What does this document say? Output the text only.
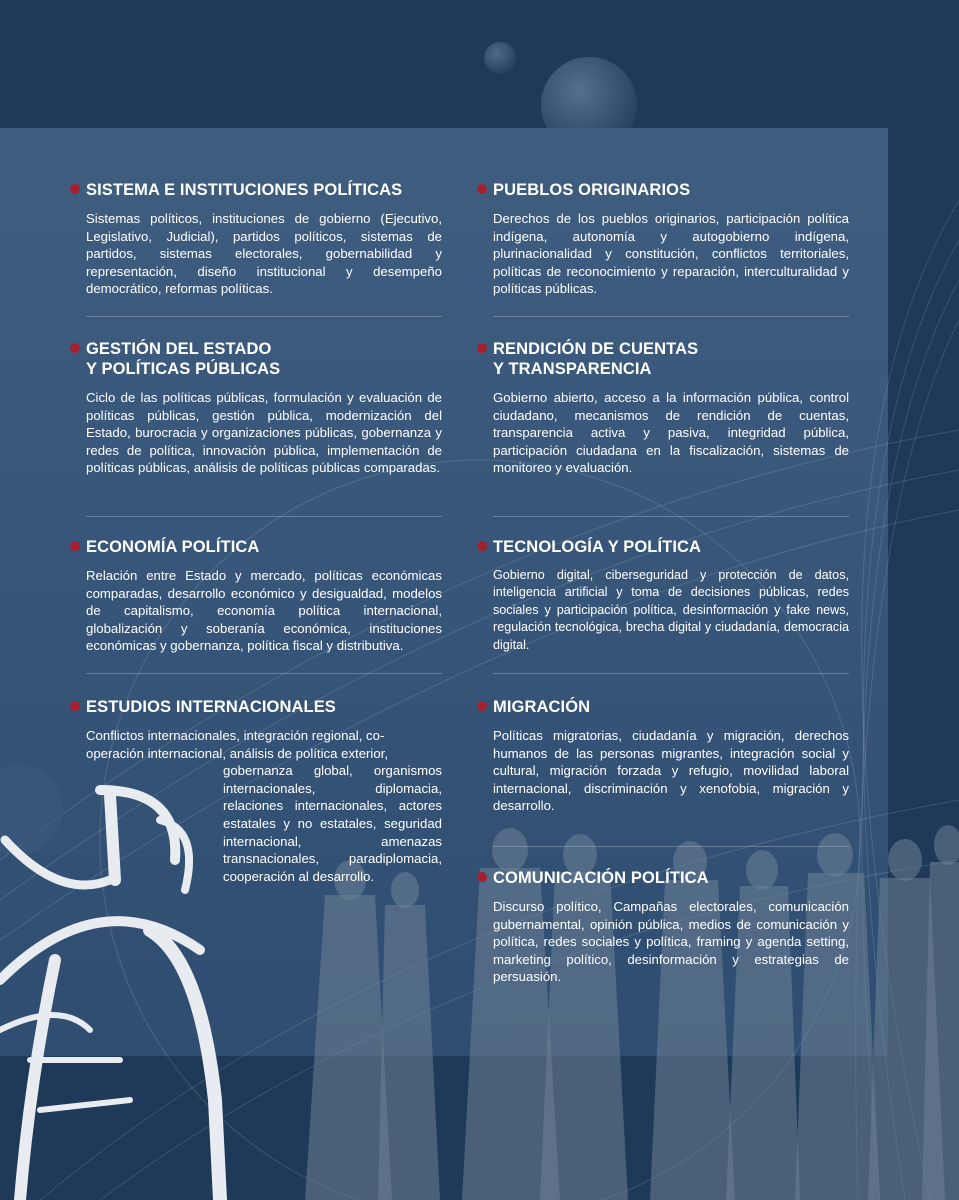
SISTEMA E INSTITUCIONES POLÍTICAS

Sistemas políticos, instituciones de gobierno (Ejecutivo, Legislativo, Judicial), partidos políticos, sistemas de partidos, sistemas electorales, gobernabilidad y representación, diseño institucional y desempeño democrático, reformas políticas.

GESTIÓN DEL ESTADO
Y POLÍTICAS PÚBLICAS

Ciclo de las políticas públicas, formulación y evaluación de políticas públicas, gestión pública, modernización del Estado, burocracia y organizaciones públicas, gobernanza y redes de política, innovación pública, implementación de políticas públicas, análisis de políticas públicas comparadas.

ECONOMÍA POLÍTICA

Relación entre Estado y mercado, políticas económicas comparadas, desarrollo económico y desigualdad, modelos de capitalismo, economía política internacional, globalización y soberanía económica, instituciones económicas y gobernanza, política fiscal y distributiva.

ESTUDIOS INTERNACIONALES
Conflictos internacionales, integración regional, co-
operación internacional, análisis de política exterior,
gobernanza global, organismos internacionales, diplomacia, relaciones internacionales, actores estatales y no estatales, seguridad internacional, amenazas transnacionales, paradiplomacia, cooperación al desarrollo.
PUEBLOS ORIGINARIOS

Derechos de los pueblos originarios, participación política indígena, autonomía y autogobierno indígena, plurinacionalidad y constitución, conflictos territoriales, políticas de reconocimiento y reparación, interculturalidad y políticas públicas.

RENDICIÓN DE CUENTAS
Y TRANSPARENCIA

Gobierno abierto, acceso a la información pública, control ciudadano, mecanismos de rendición de cuentas, transparencia activa y pasiva, integridad pública, participación ciudadana en la fiscalización, sistemas de monitoreo y evaluación.

TECNOLOGÍA Y POLÍTICA

Gobierno digital, ciberseguridad y protección de datos, inteligencia artificial y toma de decisiones públicas, redes sociales y participación política, desinformación y fake news, regulación tecnológica, brecha digital y ciudadanía, democracia digital.

MIGRACIÓN

Políticas migratorias, ciudadanía y migración, derechos humanos de las personas migrantes, integración social y cultural, migración forzada y refugio, movilidad laboral internacional, discriminación y xenofobia, migración y desarrollo.

COMUNICACIÓN POLÍTICA

Discurso político, Campañas electorales, comunicación gubernamental, opinión pública, medios de comunicación y política, redes sociales y política, framing y agenda setting, marketing político, desinformación y estrategias de persuasión.
